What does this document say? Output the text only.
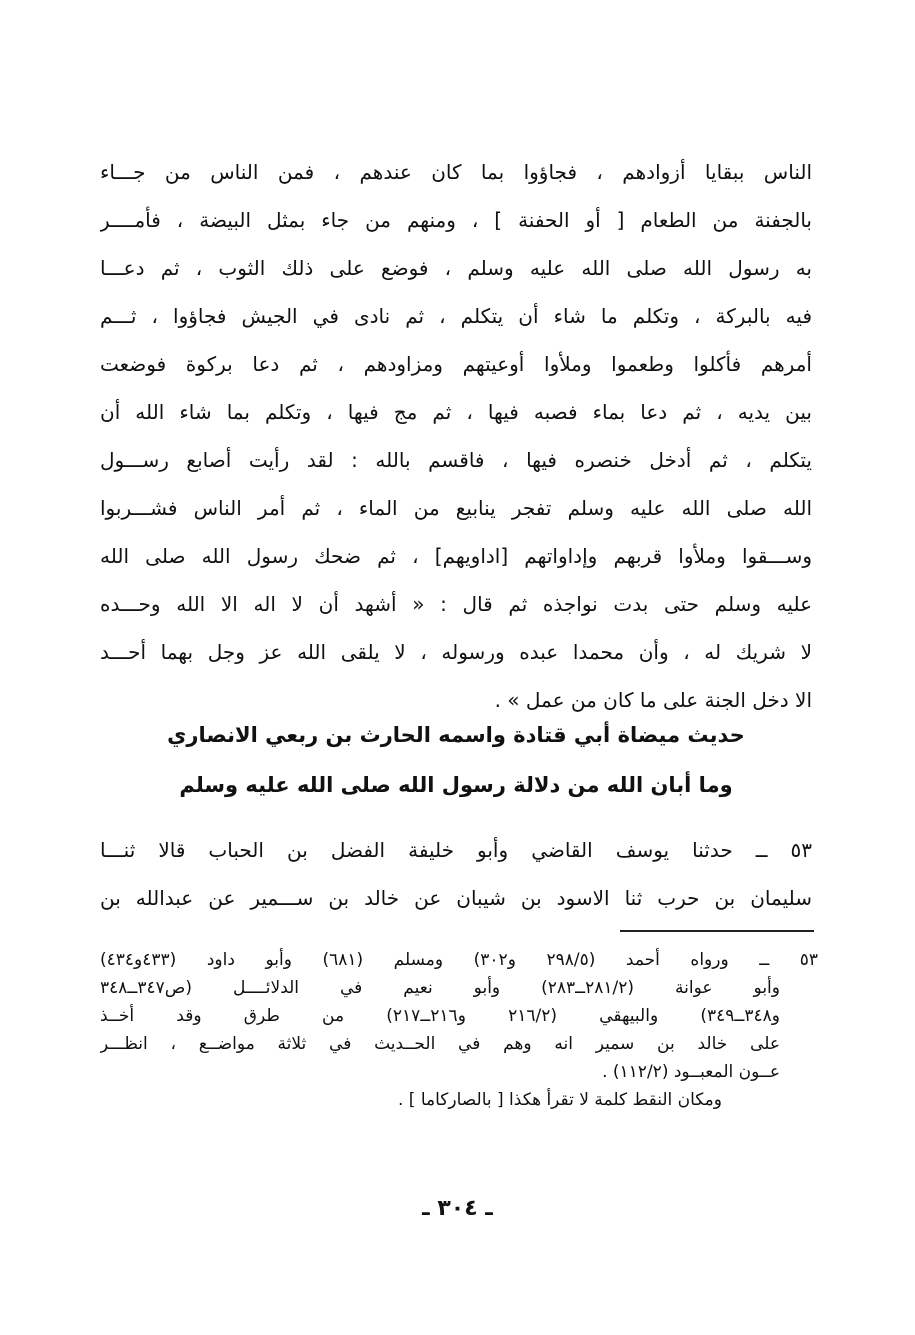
الناس ببقايا أزوادهم ، فجاؤوا بما كان عندهم ، فمن الناس من جـــاء
بالجفنة من الطعام [ أو الحفنة ] ، ومنهم من جاء بمثل البيضة ، فأمــــر
به رسول الله صلى الله عليه وسلم ، فوضع على ذلك الثوب ، ثم دعـــا
فيه بالبركة ، وتكلم ما شاء أن يتكلم ، ثم نادى في الجيش فجاؤوا ، ثـــم
أمرهم فأكلوا وطعموا وملأوا أوعيتهم ومزاودهم ، ثم دعا بركوة فوضعت
بين يديه ، ثم دعا بماء فصبه فيها ، ثم مج فيها ، وتكلم بما شاء الله أن
يتكلم ، ثم أدخل خنصره فيها ، فاقسم بالله : لقد رأيت أصابع رســـول
الله صلى الله عليه وسلم تفجر ينابيع من الماء ، ثم أمر الناس فشـــربوا
وســـقوا وملأوا قربهم وإداواتهم [اداويهم] ، ثم ضحك رسول الله صلى الله
عليه وسلم حتى بدت نواجذه ثم قال : « أشهد أن لا اله الا الله وحـــده
لا شريك له ، وأن محمدا عبده ورسوله ، لا يلقى الله عز وجل بهما أحـــد
الا دخل الجنة على ما كان من عمل » .
حديث ميضاة أبي قتادة واسمه الحارث بن ربعي الانصاري
وما أبان الله من دلالة رسول الله صلى الله عليه وسلم
٥٣ ــ حدثنا يوسف القاضي وأبو خليفة الفضل بن الحباب قالا ثنـــا
سليمان بن حرب ثنا الاسود بن شيبان عن خالد بن ســـمير عن عبدالله بن
٥٣ ــ ورواه أحمد (٢٩٨/٥ و٣٠٢) ومسلم (٦٨١) وأبو داود (٤٣٣و٤٣٤)
وأبو عوانة (٢٨١/٢ــ٢٨٣) وأبو نعيم في الدلائــــل (ص٣٤٧ــ٣٤٨
و٣٤٨ــ٣٤٩) والبيهقي (٢١٦/٢ و٢١٦ــ٢١٧) من طرق وقد أخــذ
على خالد بن سمير انه وهم في الحــديث في ثلاثة مواضــع ، انظـــر
عــون المعبــود (١١٢/٢) .
ومكان النقط كلمة لا تقرأ هكذا [ بالصاركاما ] .
ـ ٣٠٤ ـ
